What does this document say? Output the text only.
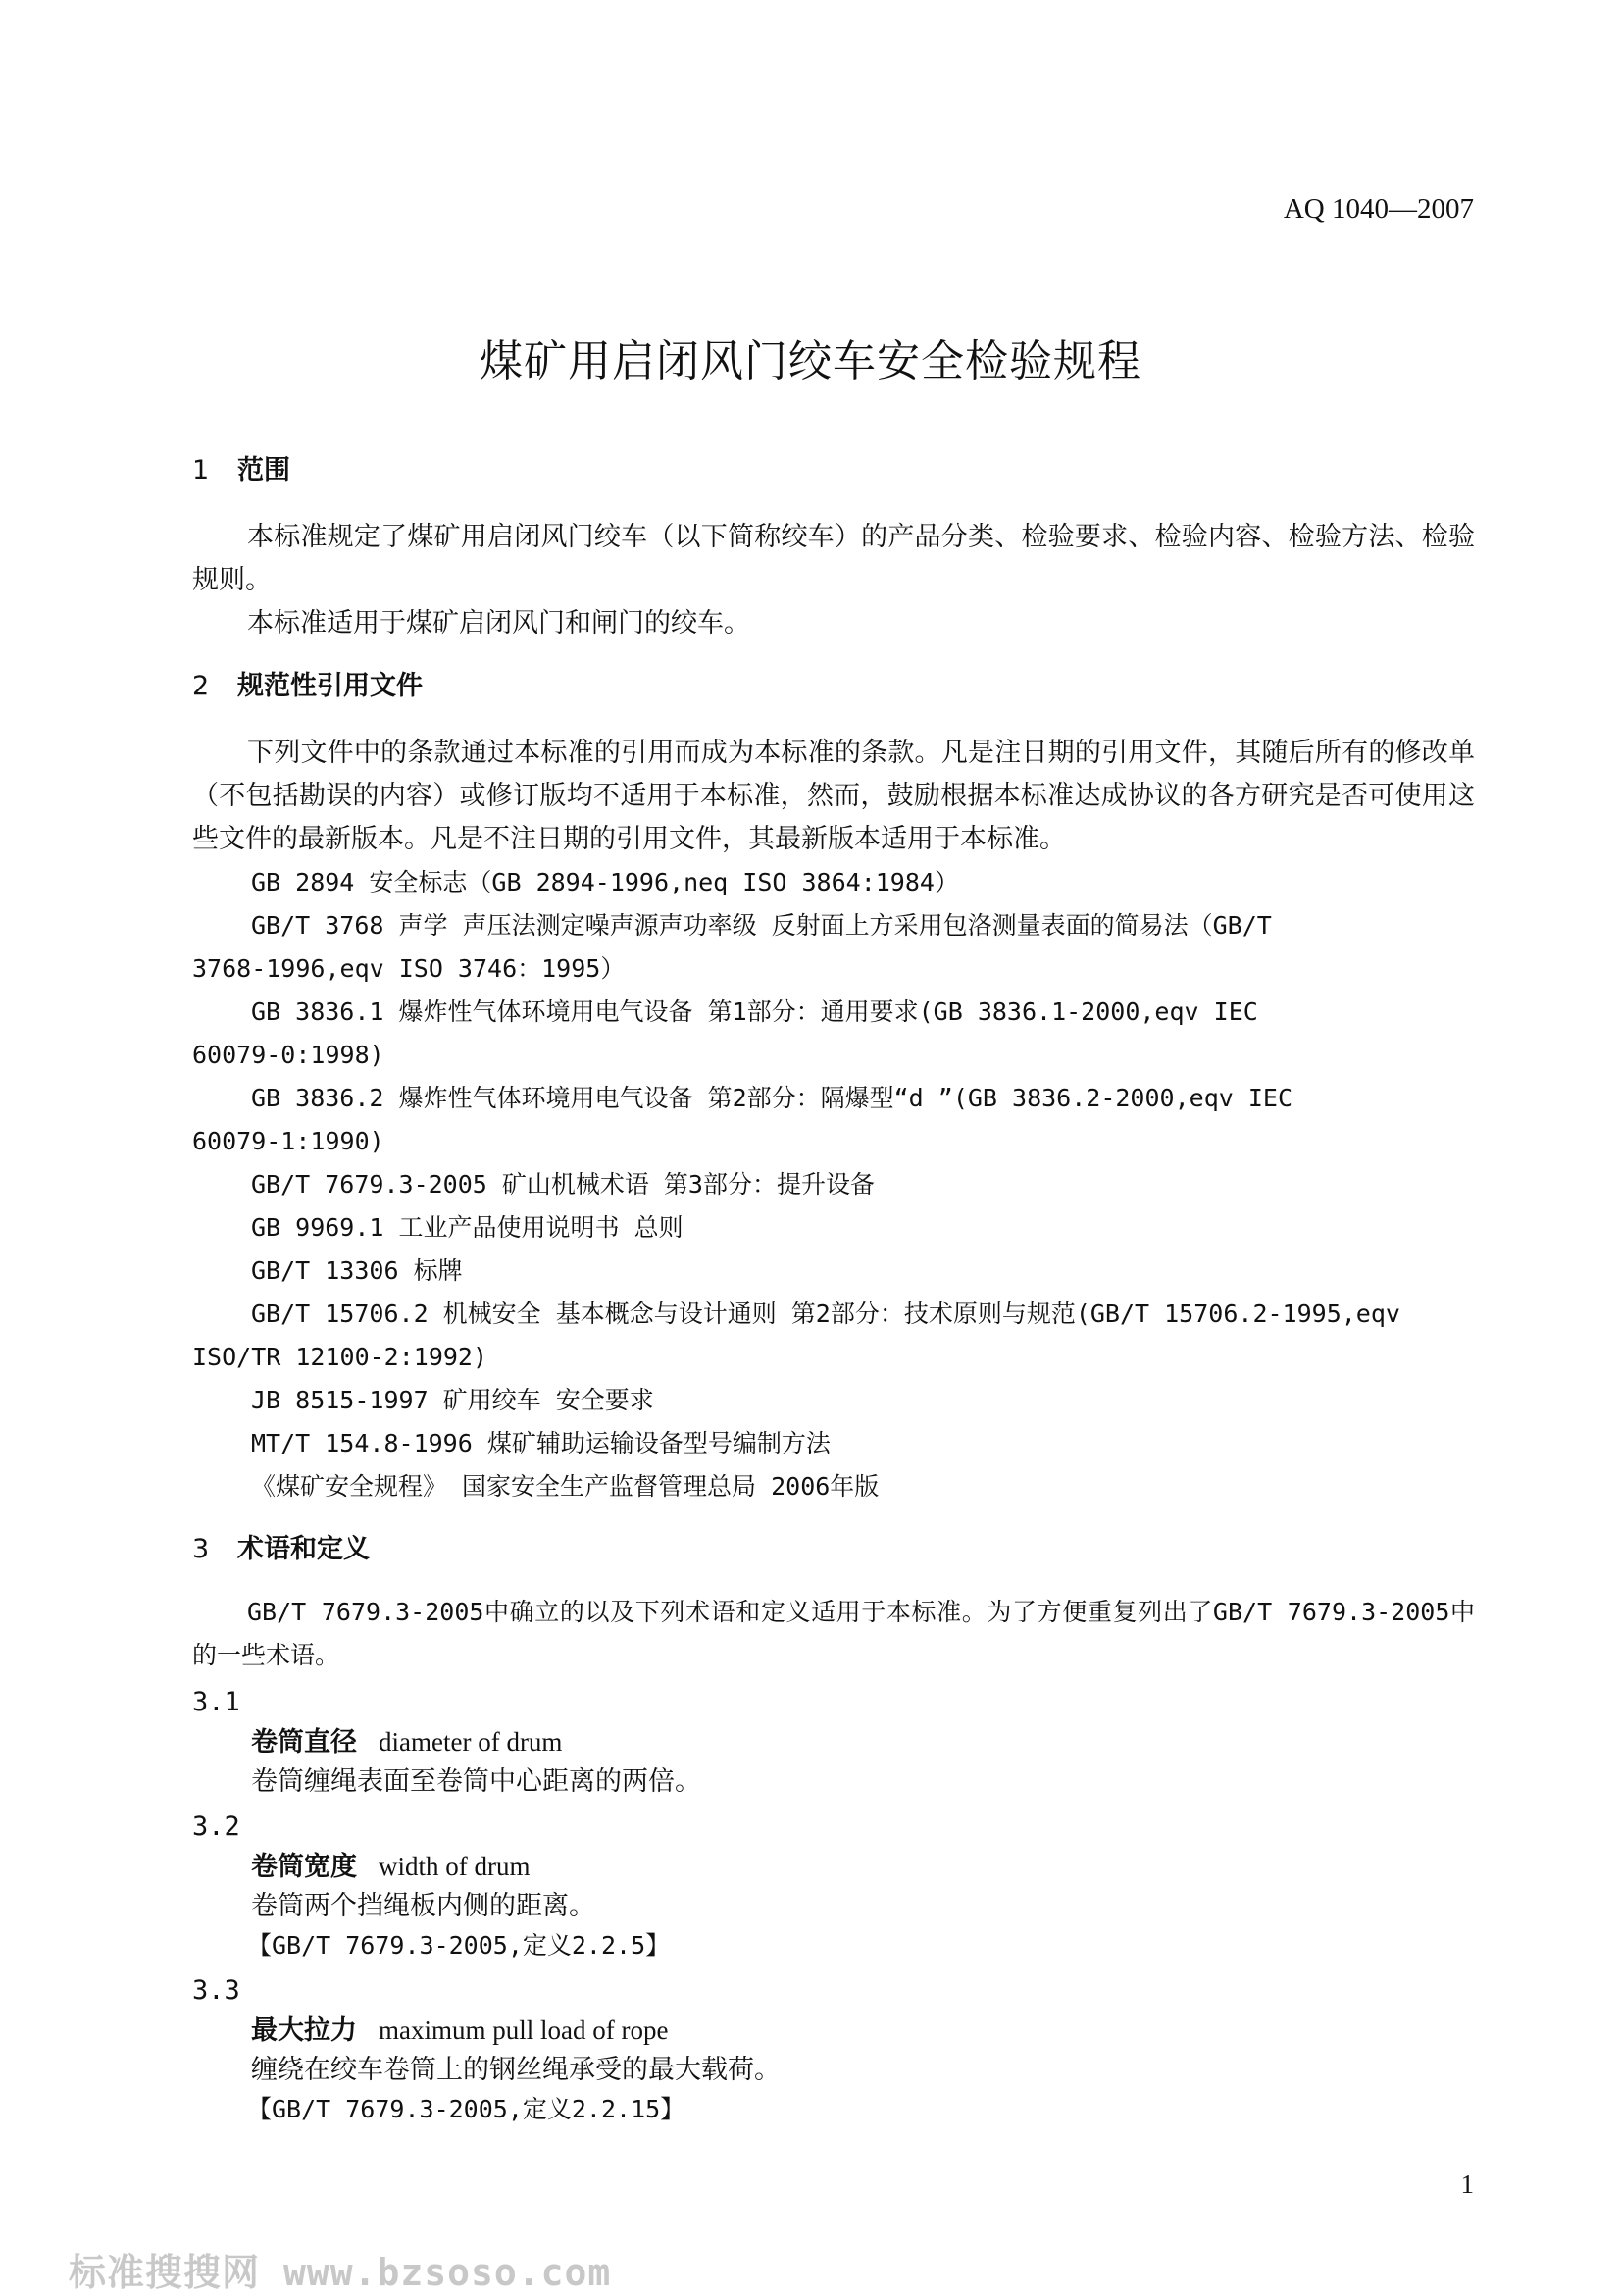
AQ 1040—2007
煤矿用启闭风门绞车安全检验规程
1 范围

本标准规定了煤矿用启闭风门绞车（以下简称绞车）的产品分类、检验要求、检验内容、检验方法、检验规则。

本标准适用于煤矿启闭风门和闸门的绞车。

2 规范性引用文件

下列文件中的条款通过本标准的引用而成为本标准的条款。凡是注日期的引用文件，其随后所有的修改单（不包括勘误的内容）或修订版均不适用于本标准，然而，鼓励根据本标准达成协议的各方研究是否可使用这些文件的最新版本。凡是不注日期的引用文件，其最新版本适用于本标准。

GB 2894 安全标志（GB 2894-1996,neq ISO 3864:1984）

GB/T 3768 声学 声压法测定噪声源声功率级 反射面上方采用包洛测量表面的简易法（GB/T
3768-1996,eqv ISO 3746：1995）

GB 3836.1 爆炸性气体环境用电气设备 第1部分：通用要求(GB 3836.1-2000,eqv IEC
60079-0:1998)

GB 3836.2 爆炸性气体环境用电气设备 第2部分：隔爆型“d ”(GB 3836.2-2000,eqv IEC
60079-1:1990)

GB/T 7679.3-2005 矿山机械术语 第3部分：提升设备

GB 9969.1 工业产品使用说明书 总则

GB/T 13306 标牌

GB/T 15706.2 机械安全 基本概念与设计通则 第2部分：技术原则与规范(GB/T 15706.2-1995,eqv
ISO/TR 12100-2:1992)

JB 8515-1997 矿用绞车 安全要求

MT/T 154.8-1996 煤矿辅助运输设备型号编制方法

《煤矿安全规程》 国家安全生产监督管理总局 2006年版

3 术语和定义

GB/T 7679.3-2005中确立的以及下列术语和定义适用于本标准。为了方便重复列出了GB/T 7679.3-2005中的一些术语。

3.1

卷筒直径 diameter of drum

卷筒缠绳表面至卷筒中心距离的两倍。

3.2

卷筒宽度 width of drum

卷筒两个挡绳板内侧的距离。

【GB/T 7679.3-2005,定义2.2.5】

3.3

最大拉力 maximum pull load of rope

缠绕在绞车卷筒上的钢丝绳承受的最大载荷。

【GB/T 7679.3-2005,定义2.2.15】

1
标准搜搜网 www.bzsoso.com
